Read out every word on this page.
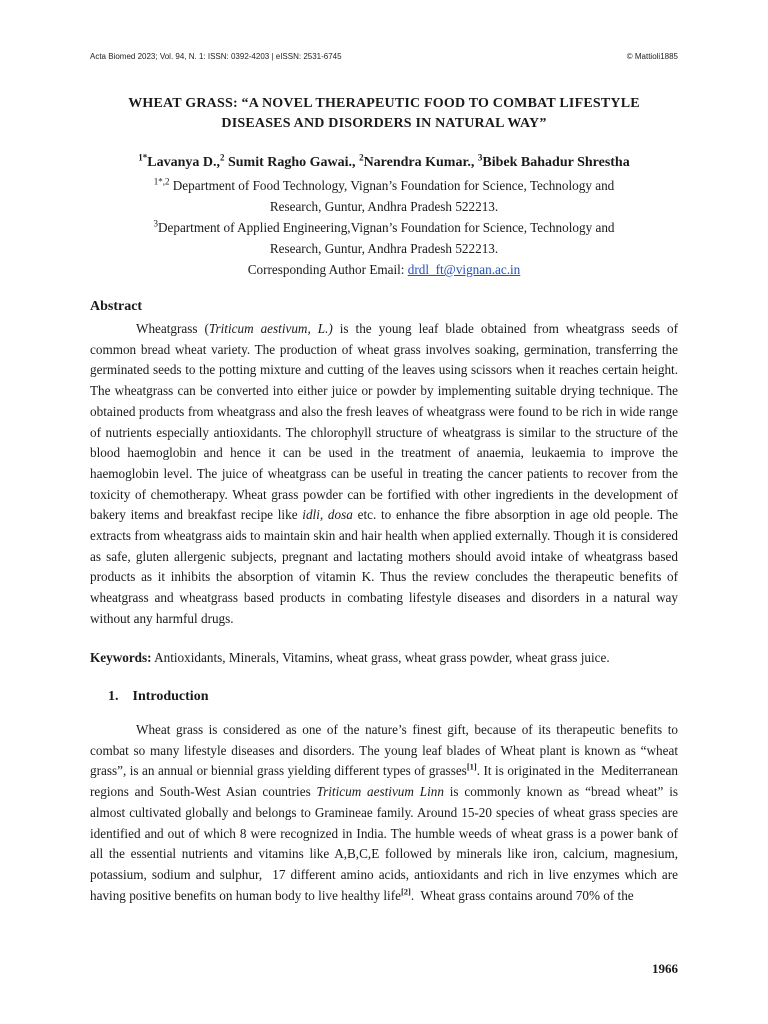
Acta Biomed 2023; Vol. 94, N. 1: ISSN: 0392-4203 | eISSN: 2531-6745	© Mattioli1885
WHEAT GRASS: “A NOVEL THERAPEUTIC FOOD TO COMBAT LIFESTYLE
DISEASES AND DISORDERS IN NATURAL WAY”
$^{1*}$Lavanya D.,$^2$ Sumit Ragho Gawai., $^2$Narendra Kumar., $^3$Bibek Bahadur Shrestha

$^{1*,2}$ Department of Food Technology, Vignan’s Foundation for Science, Technology and

Research, Guntur, Andhra Pradesh 522213.

$^3$Department of Applied Engineering,Vignan’s Foundation for Science, Technology and

Research, Guntur, Andhra Pradesh 522213.

Corresponding Author Email: drdl_ft@vignan.ac.in

Abstract

Wheatgrass (Triticum aestivum, L.) is the young leaf blade obtained from wheatgrass seeds of common bread wheat variety. The production of wheat grass involves soaking, germination, transferring the germinated seeds to the potting mixture and cutting of the leaves using scissors when it reaches certain height. The wheatgrass can be converted into either juice or powder by implementing suitable drying technique. The obtained products from wheatgrass and also the fresh leaves of wheatgrass were found to be rich in wide range of nutrients especially antioxidants. The chlorophyll structure of wheatgrass is similar to the structure of the blood haemoglobin and hence it can be used in the treatment of anaemia, leukaemia to improve the haemoglobin level. The juice of wheatgrass can be useful in treating the cancer patients to recover from the toxicity of chemotherapy. Wheat grass powder can be fortified with other ingredients in the development of bakery items and breakfast recipe like idli, dosa etc. to enhance the fibre absorption in age old people. The extracts from wheatgrass aids to maintain skin and hair health when applied externally. Though it is considered as safe, gluten allergenic subjects, pregnant and lactating mothers should avoid intake of wheatgrass based products as it inhibits the absorption of vitamin K. Thus the review concludes the therapeutic benefits of wheatgrass and wheatgrass based products in combating lifestyle diseases and disorders in a natural way without any harmful drugs.

Keywords: Antioxidants, Minerals, Vitamins, wheat grass, wheat grass powder, wheat grass juice.
1.    Introduction

Wheat grass is considered as one of the nature’s finest gift, because of its therapeutic benefits to combat so many lifestyle diseases and disorders. The young leaf blades of Wheat plant is known as “wheat grass”, is an annual or biennial grass yielding different types of grasses[1]. It is originated in the  Mediterranean regions and South-West Asian countries Triticum aestivum Linn is commonly known as “bread wheat” is almost cultivated globally and belongs to Gramineae family. Around 15-20 species of wheat grass species are identified and out of which 8 were recognized in India. The humble weeds of wheat grass is a power bank of all the essential nutrients and vitamins like A,B,C,E followed by minerals like iron, calcium, magnesium, potassium, sodium and sulphur,  17 different amino acids, antioxidants and rich in live enzymes which are having positive benefits on human body to live healthy life[2].  Wheat grass contains around 70% of the

1966
